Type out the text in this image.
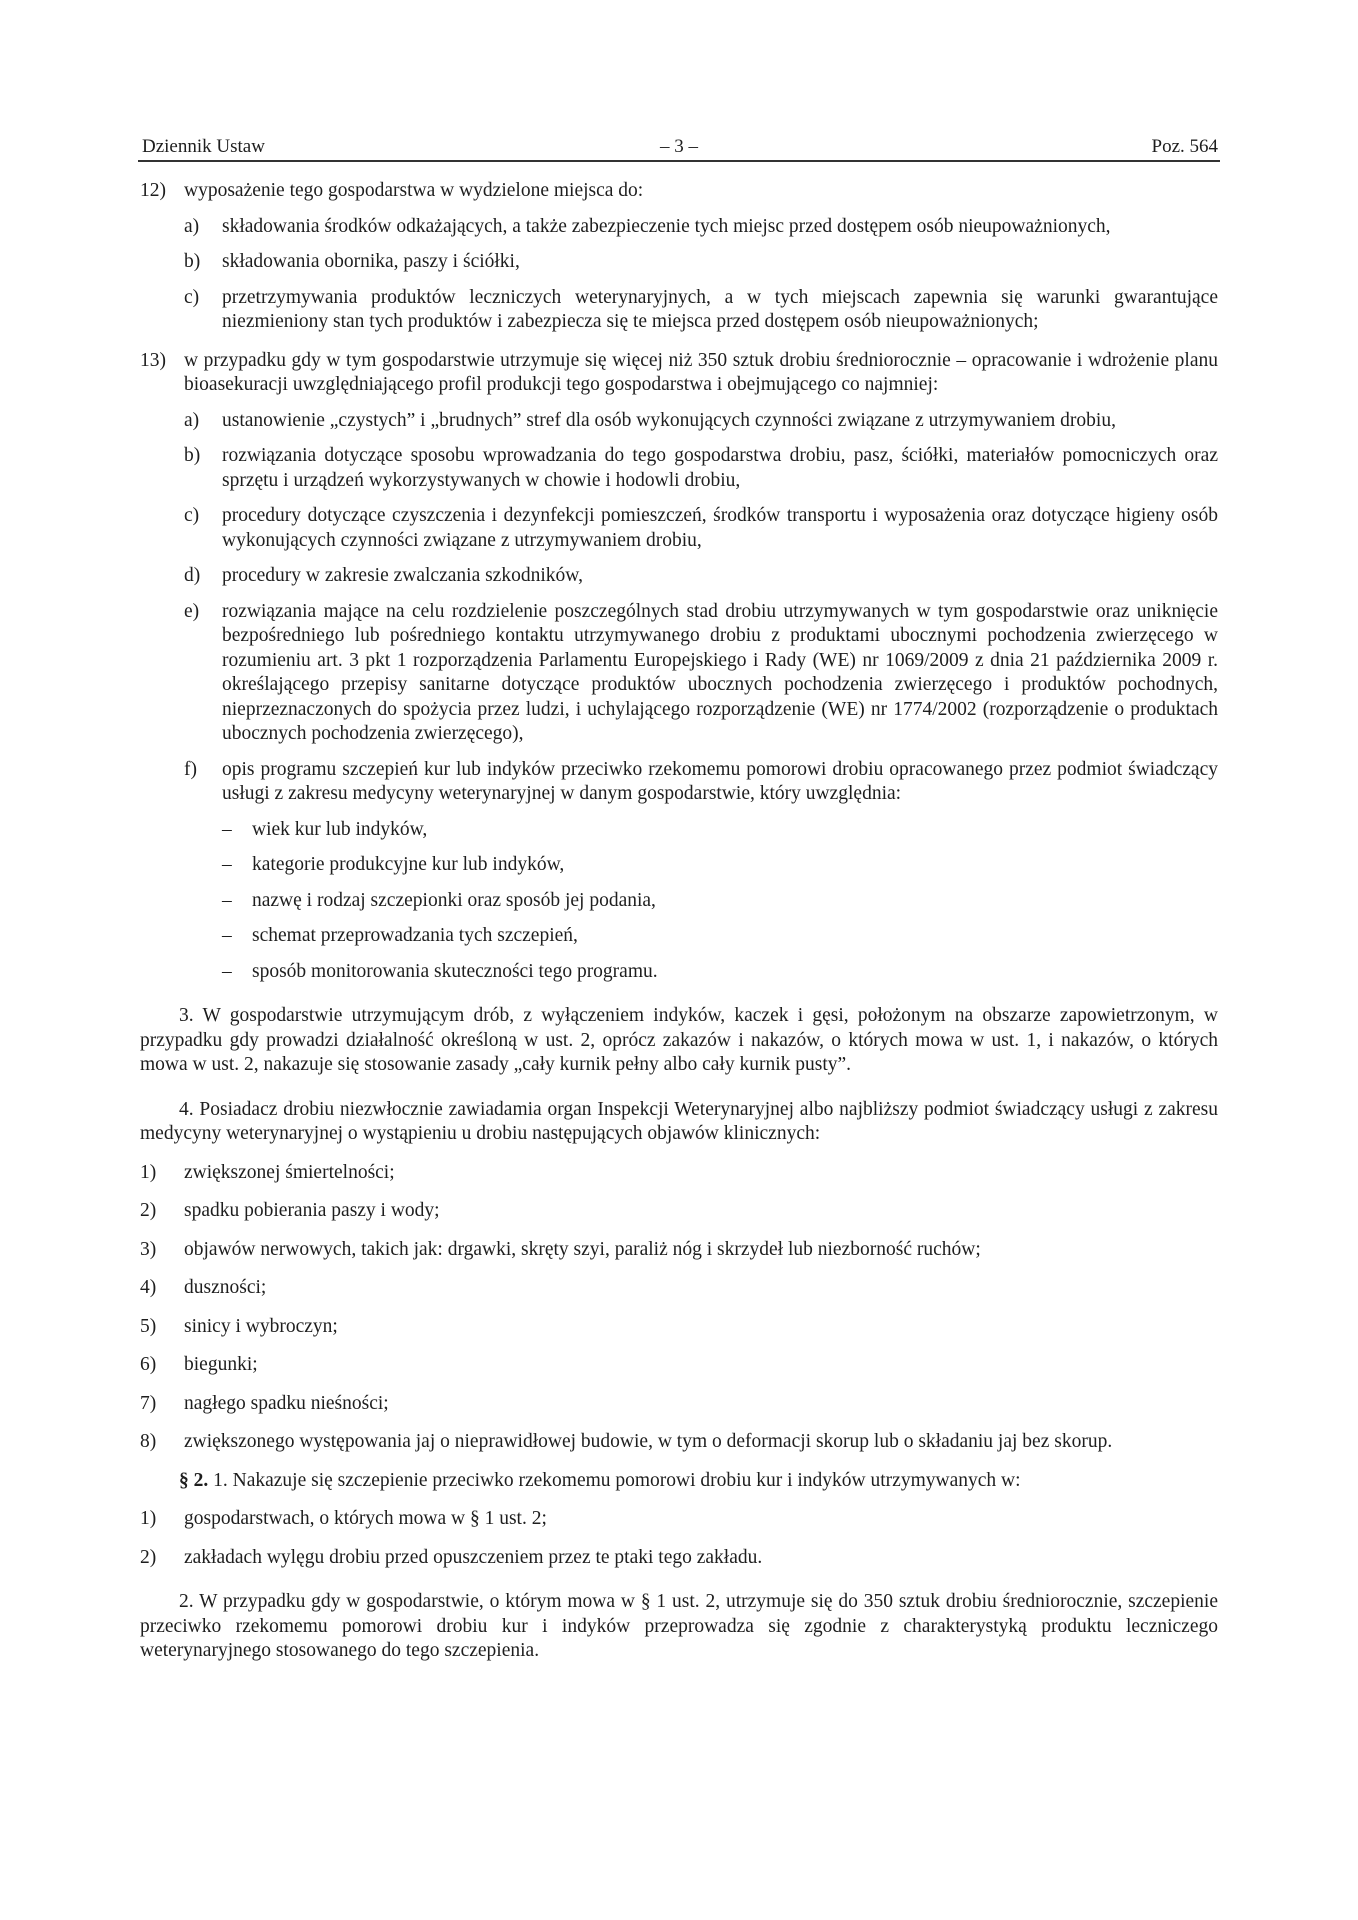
Dziennik Ustaw	– 3 –	Poz. 564
12) wyposażenie tego gospodarstwa w wydzielone miejsca do:
a)	składowania środków odkażających, a także zabezpieczenie tych miejsc przed dostępem osób nieupoważnionych,
b)	składowania obornika, paszy i ściółki,
c)	przetrzymywania produktów leczniczych weterynaryjnych, a w tych miejscach zapewnia się warunki gwarantujące niezmieniony stan tych produktów i zabezpiecza się te miejsca przed dostępem osób nieupoważnionych;
13) w przypadku gdy w tym gospodarstwie utrzymuje się więcej niż 350 sztuk drobiu średniorocznie – opracowanie i wdrożenie planu bioasekuracji uwzględniającego profil produkcji tego gospodarstwa i obejmującego co najmniej:
a)	ustanowienie „czystych” i „brudnych” stref dla osób wykonujących czynności związane z utrzymywaniem drobiu,
b)	rozwiązania dotyczące sposobu wprowadzania do tego gospodarstwa drobiu, pasz, ściółki, materiałów pomocniczych oraz sprzętu i urządzeń wykorzystywanych w chowie i hodowli drobiu,
c)	procedury dotyczące czyszczenia i dezynfekcji pomieszczeń, środków transportu i wyposażenia oraz dotyczące higieny osób wykonujących czynności związane z utrzymywaniem drobiu,
d)	procedury w zakresie zwalczania szkodników,
e)	rozwiązania mające na celu rozdzielenie poszczególnych stad drobiu utrzymywanych w tym gospodarstwie oraz uniknięcie bezpośredniego lub pośredniego kontaktu utrzymywanego drobiu z produktami ubocznymi pochodzenia zwierzęcego w rozumieniu art. 3 pkt 1 rozporządzenia Parlamentu Europejskiego i Rady (WE) nr 1069/2009 z dnia 21 października 2009 r. określającego przepisy sanitarne dotyczące produktów ubocznych pochodzenia zwierzęcego i produktów pochodnych, nieprzeznaczonych do spożycia przez ludzi, i uchylającego rozporządzenie (WE) nr 1774/2002 (rozporządzenie o produktach ubocznych pochodzenia zwierzęcego),
f)	opis programu szczepień kur lub indyków przeciwko rzekomemu pomorowi drobiu opracowanego przez podmiot świadczący usługi z zakresu medycyny weterynaryjnej w danym gospodarstwie, który uwzględnia:
–	wiek kur lub indyków,
–	kategorie produkcyjne kur lub indyków,
–	nazwę i rodzaj szczepionki oraz sposób jej podania,
–	schemat przeprowadzania tych szczepień,
–	sposób monitorowania skuteczności tego programu.
3. W gospodarstwie utrzymującym drób, z wyłączeniem indyków, kaczek i gęsi, położonym na obszarze zapowietrzonym, w przypadku gdy prowadzi działalność określoną w ust. 2, oprócz zakazów i nakazów, o których mowa w ust. 1, i nakazów, o których mowa w ust. 2, nakazuje się stosowanie zasady „cały kurnik pełny albo cały kurnik pusty”.
4. Posiadacz drobiu niezwłocznie zawiadamia organ Inspekcji Weterynaryjnej albo najbliższy podmiot świadczący usługi z zakresu medycyny weterynaryjnej o wystąpieniu u drobiu następujących objawów klinicznych:
1)	zwiększonej śmiertelności;
2)	spadku pobierania paszy i wody;
3)	objawów nerwowych, takich jak: drgawki, skręty szyi, paraliż nóg i skrzydeł lub niezborność ruchów;
4)	duszności;
5)	sinicy i wybroczyn;
6)	biegunki;
7)	nagłego spadku nieśności;
8)	zwiększonego występowania jaj o nieprawidłowej budowie, w tym o deformacji skorup lub o składaniu jaj bez skorup.
§ 2. 1. Nakazuje się szczepienie przeciwko rzekomemu pomorowi drobiu kur i indyków utrzymywanych w:
1)	gospodarstwach, o których mowa w § 1 ust. 2;
2)	zakładach wylęgu drobiu przed opuszczeniem przez te ptaki tego zakładu.
2. W przypadku gdy w gospodarstwie, o którym mowa w § 1 ust. 2, utrzymuje się do 350 sztuk drobiu średniorocznie, szczepienie przeciwko rzekomemu pomorowi drobiu kur i indyków przeprowadza się zgodnie z charakterystyką produktu leczniczego weterynaryjnego stosowanego do tego szczepienia.
